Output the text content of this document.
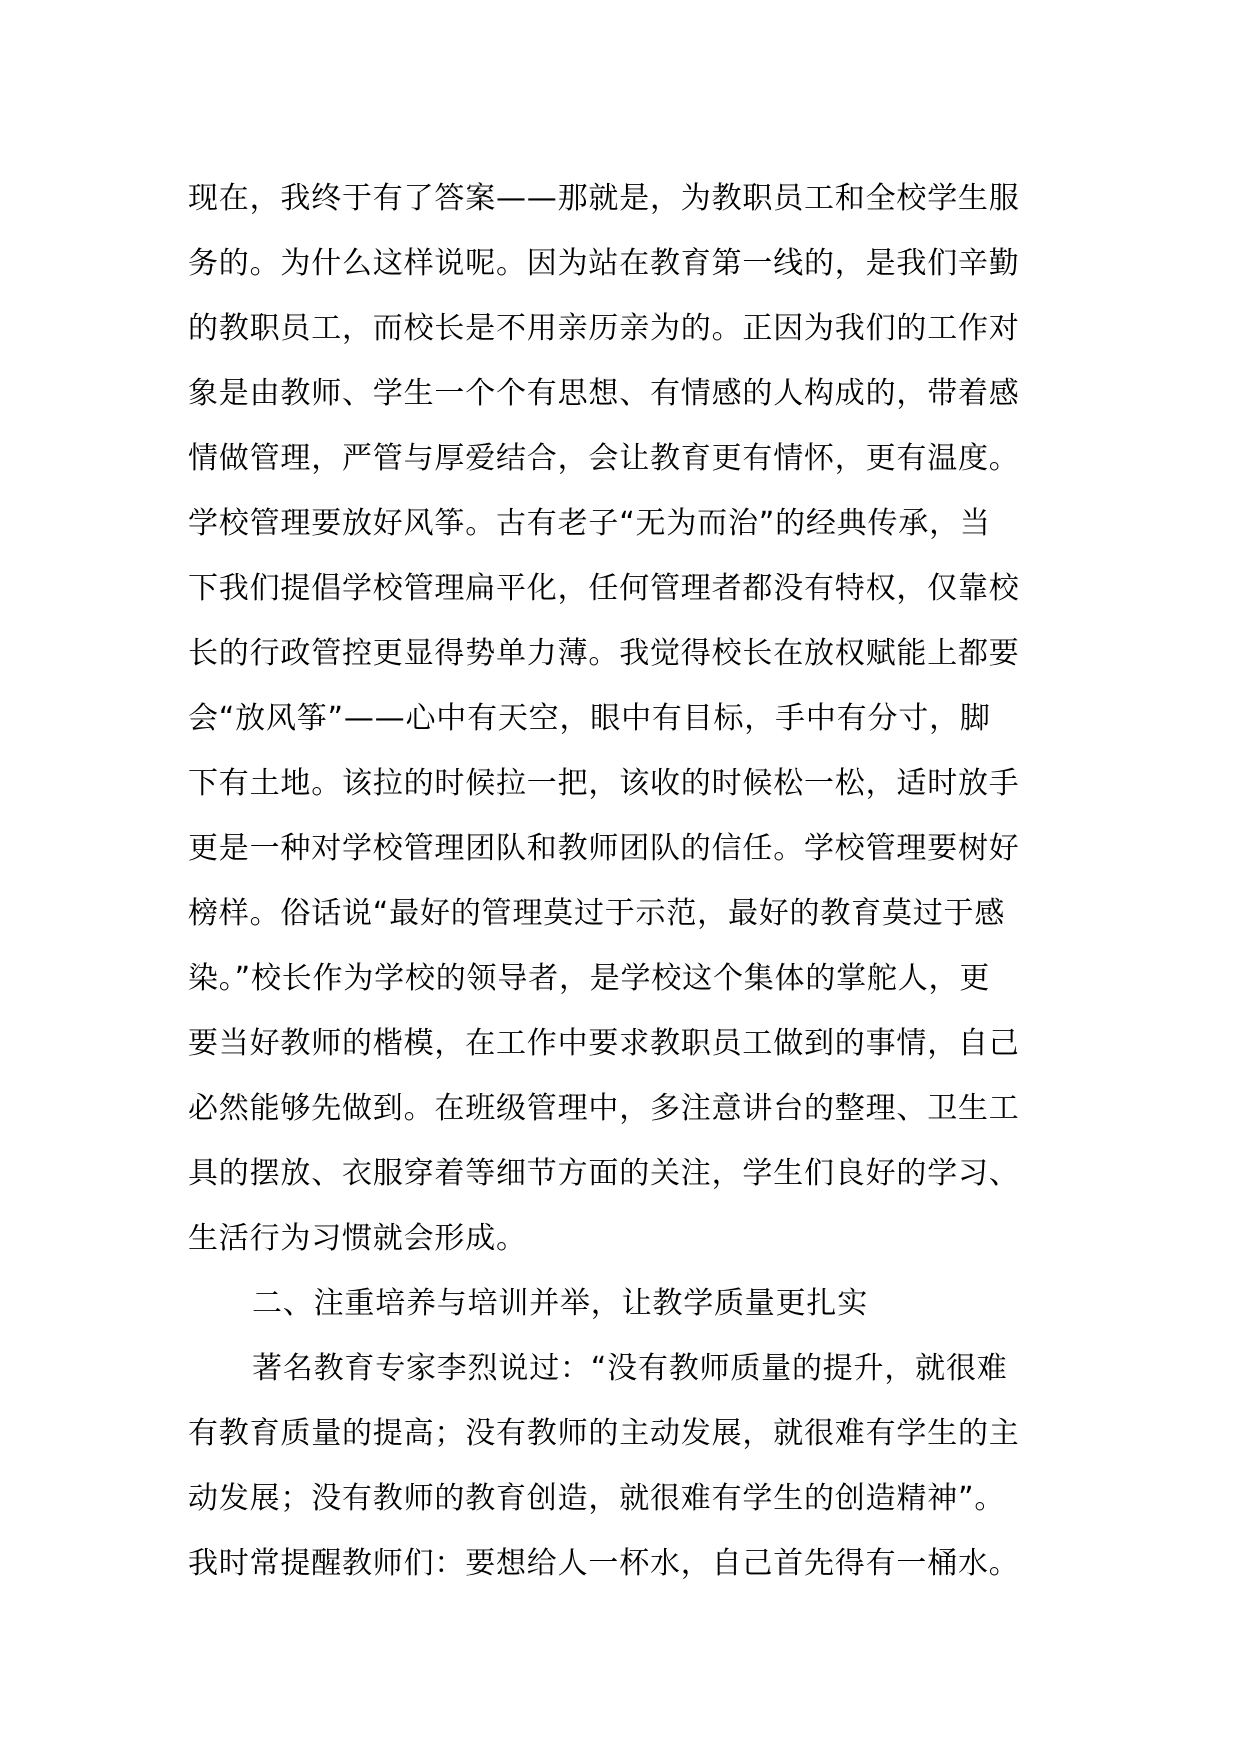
现在，我终于有了答案——那就是，为教职员工和全校学生服
务的。为什么这样说呢。因为站在教育第一线的，是我们辛勤
的教职员工，而校长是不用亲历亲为的。正因为我们的工作对
象是由教师、学生一个个有思想、有情感的人构成的，带着感
情做管理，严管与厚爱结合，会让教育更有情怀，更有温度。
学校管理要放好风筝。古有老子“无为而治”的经典传承，当
下我们提倡学校管理扁平化，任何管理者都没有特权，仅靠校
长的行政管控更显得势单力薄。我觉得校长在放权赋能上都要
会“放风筝”——心中有天空，眼中有目标，手中有分寸，脚
下有土地。该拉的时候拉一把，该收的时候松一松，适时放手
更是一种对学校管理团队和教师团队的信任。学校管理要树好
榜样。俗话说“最好的管理莫过于示范，最好的教育莫过于感
染。”校长作为学校的领导者，是学校这个集体的掌舵人，更
要当好教师的楷模，在工作中要求教职员工做到的事情，自己
必然能够先做到。在班级管理中，多注意讲台的整理、卫生工
具的摆放、衣服穿着等细节方面的关注，学生们良好的学习、
生活行为习惯就会形成。
二、注重培养与培训并举，让教学质量更扎实
著名教育专家李烈说过：“没有教师质量的提升，就很难
有教育质量的提高；没有教师的主动发展，就很难有学生的主
动发展；没有教师的教育创造，就很难有学生的创造精神”。
我时常提醒教师们：要想给人一杯水，自己首先得有一桶水。
